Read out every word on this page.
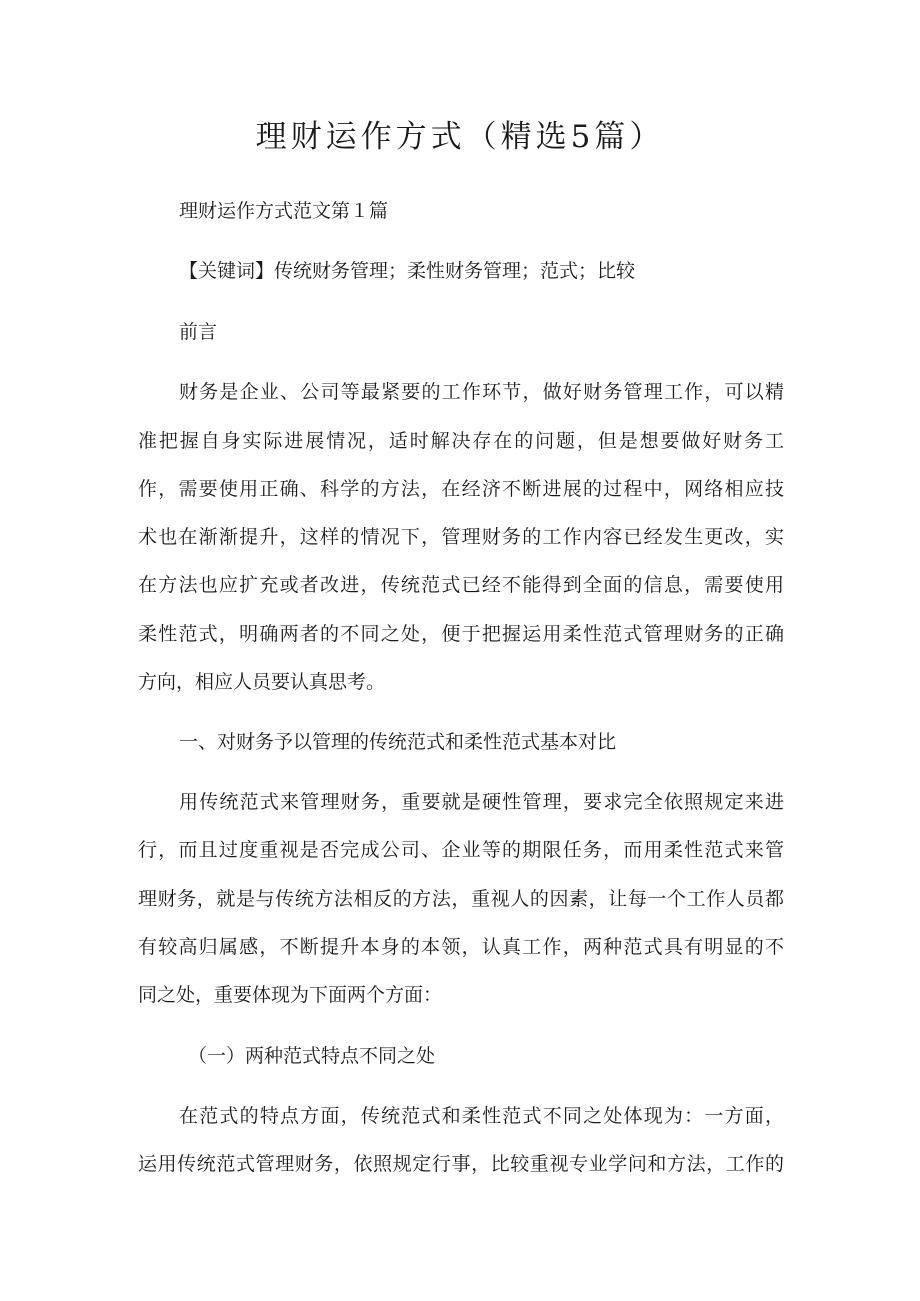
理财运作方式（精选5篇）
理财运作方式范文第１篇
【关键词】传统财务管理；柔性财务管理；范式；比较
前言
财务是企业、公司等最紧要的工作环节，做好财务管理工作，可以精
准把握自身实际进展情况，适时解决存在的问题，但是想要做好财务工
作，需要使用正确、科学的方法，在经济不断进展的过程中，网络相应技
术也在渐渐提升，这样的情况下，管理财务的工作内容已经发生更改，实
在方法也应扩充或者改进，传统范式已经不能得到全面的信息，需要使用
柔性范式，明确两者的不同之处，便于把握运用柔性范式管理财务的正确
方向，相应人员要认真思考。
一、对财务予以管理的传统范式和柔性范式基本对比
用传统范式来管理财务，重要就是硬性管理，要求完全依照规定来进
行，而且过度重视是否完成公司、企业等的期限任务，而用柔性范式来管
理财务，就是与传统方法相反的方法，重视人的因素，让每一个工作人员都
有较高归属感，不断提升本身的本领，认真工作，两种范式具有明显的不
同之处，重要体现为下面两个方面：
（一）两种范式特点不同之处
在范式的特点方面，传统范式和柔性范式不同之处体现为：一方面，
运用传统范式管理财务，依照规定行事，比较重视专业学问和方法，工作的
